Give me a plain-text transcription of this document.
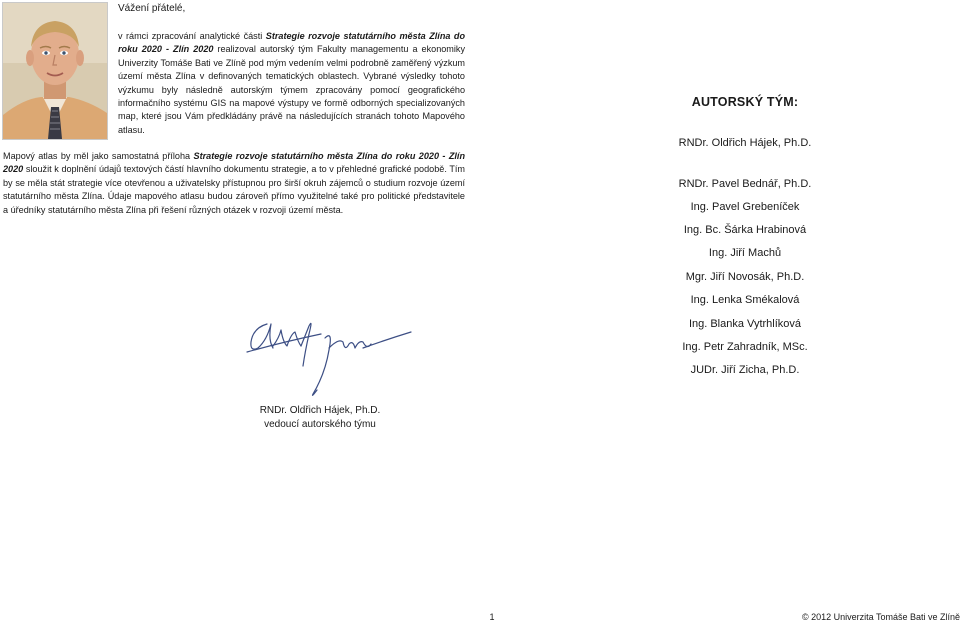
Vážení přátelé,

v rámci zpracování analytické části Strategie rozvoje statutárního města Zlína do roku 2020 - Zlín 2020 realizoval autorský tým Fakulty managementu a ekonomiky Univerzity Tomáše Bati ve Zlíně pod mým vedením velmi podrobně zaměřený výzkum území města Zlína v definovaných tematických oblastech. Vybrané výsledky tohoto výzkumu byly následně autorským týmem zpracovány pomocí geografického informačního systému GIS na mapové výstupy ve formě odborných specializovaných map, které jsou Vám předkládány právě na následujících stranách tohoto Mapového atlasu.

Mapový atlas by měl jako samostatná příloha Strategie rozvoje statutárního města Zlína do roku 2020 - Zlín 2020 sloužit k doplnění údajů textových částí hlavního dokumentu strategie, a to v přehledné grafické podobě. Tím by se měla stát strategie více otevřenou a uživatelsky přístupnou pro širší okruh zájemců o studium rozvoje území statutárního města Zlína. Údaje mapového atlasu budou zároveň přímo využitelné také pro politické představitele a úředníky statutárního města Zlína při řešení různých otázek v rozvoji území města.

RNDr. Oldřich Hájek, Ph.D.
vedoucí autorského týmu
AUTORSKÝ TÝM:
RNDr. Oldřich Hájek, Ph.D.
RNDr. Pavel Bednář, Ph.D.
Ing. Pavel Grebeníček
Ing. Bc. Šárka Hrabinová
Ing. Jiří Machů
Mgr. Jiří Novosák, Ph.D.
Ing. Lenka Smékalová
Ing. Blanka Vytrhlíková
Ing. Petr Zahradník, MSc.
JUDr. Jiří Zicha, Ph.D.
1	© 2012 Univerzita Tomáše Bati ve Zlíně
